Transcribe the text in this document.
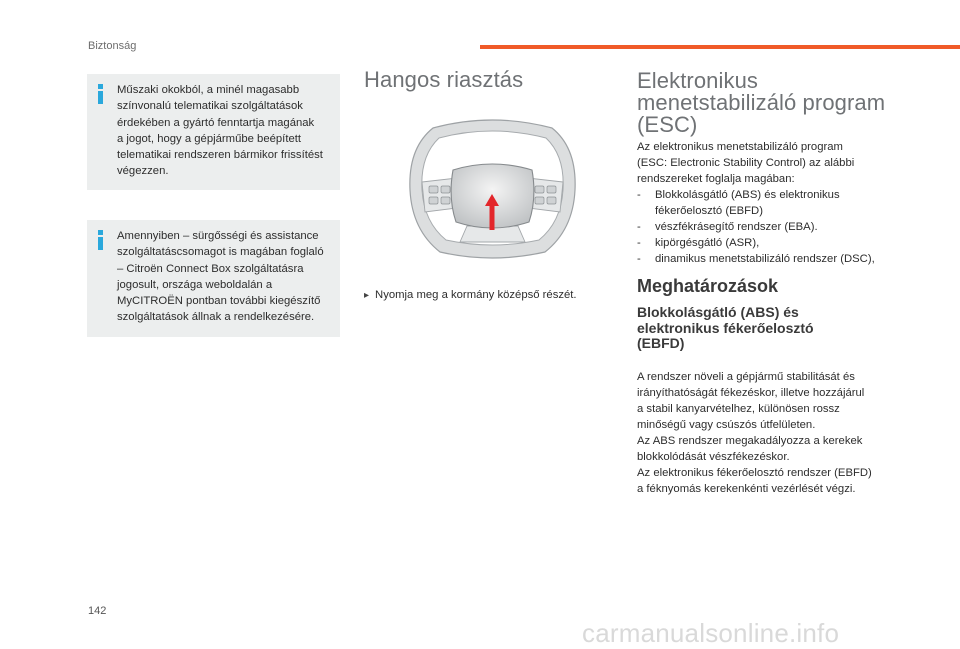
Biztonság
Műszaki okokból, a minél magasabb
színvonalú telematikai szolgáltatások
érdekében a gyártó fenntartja magának
a jogot, hogy a gépjárműbe beépített
telematikai rendszeren bármikor frissítést
végezzen.
Amennyiben – sürgősségi és assistance
szolgáltatáscsomagot is magában foglaló
– Citroën Connect Box szolgáltatásra
jogosult, országa weboldalán a
MyCITROËN pontban további kiegészítő
szolgáltatások állnak a rendelkezésére.
Hangos riasztás
▸ Nyomja meg a kormány középső részét.
Elektronikus
menetstabilizáló program
(ESC)
Az elektronikus menetstabilizáló program
(ESC: Electronic Stability Control) az alábbi
rendszereket foglalja magában:
- Blokkolásgátló (ABS) és elektronikus
fékerőelosztó (EBFD)
- vészfékrásegítő rendszer (EBA).
- kipörgésgátló (ASR),
- dinamikus menetstabilizáló rendszer (DSC),
Meghatározások
Blokkolásgátló (ABS) és
elektronikus fékerőelosztó
(EBFD)
A rendszer növeli a gépjármű stabilitását és
irányíthatóságát fékezéskor, illetve hozzájárul
a stabil kanyarvételhez, különösen rossz
minőségű vagy csúszós útfelületen.
Az ABS rendszer megakadályozza a kerekek
blokkolódását vészfékezéskor.
Az elektronikus fékerőelosztó rendszer (EBFD)
a féknyomás kerekenkénti vezérlését végzi.
142
carmanualsonline.info
